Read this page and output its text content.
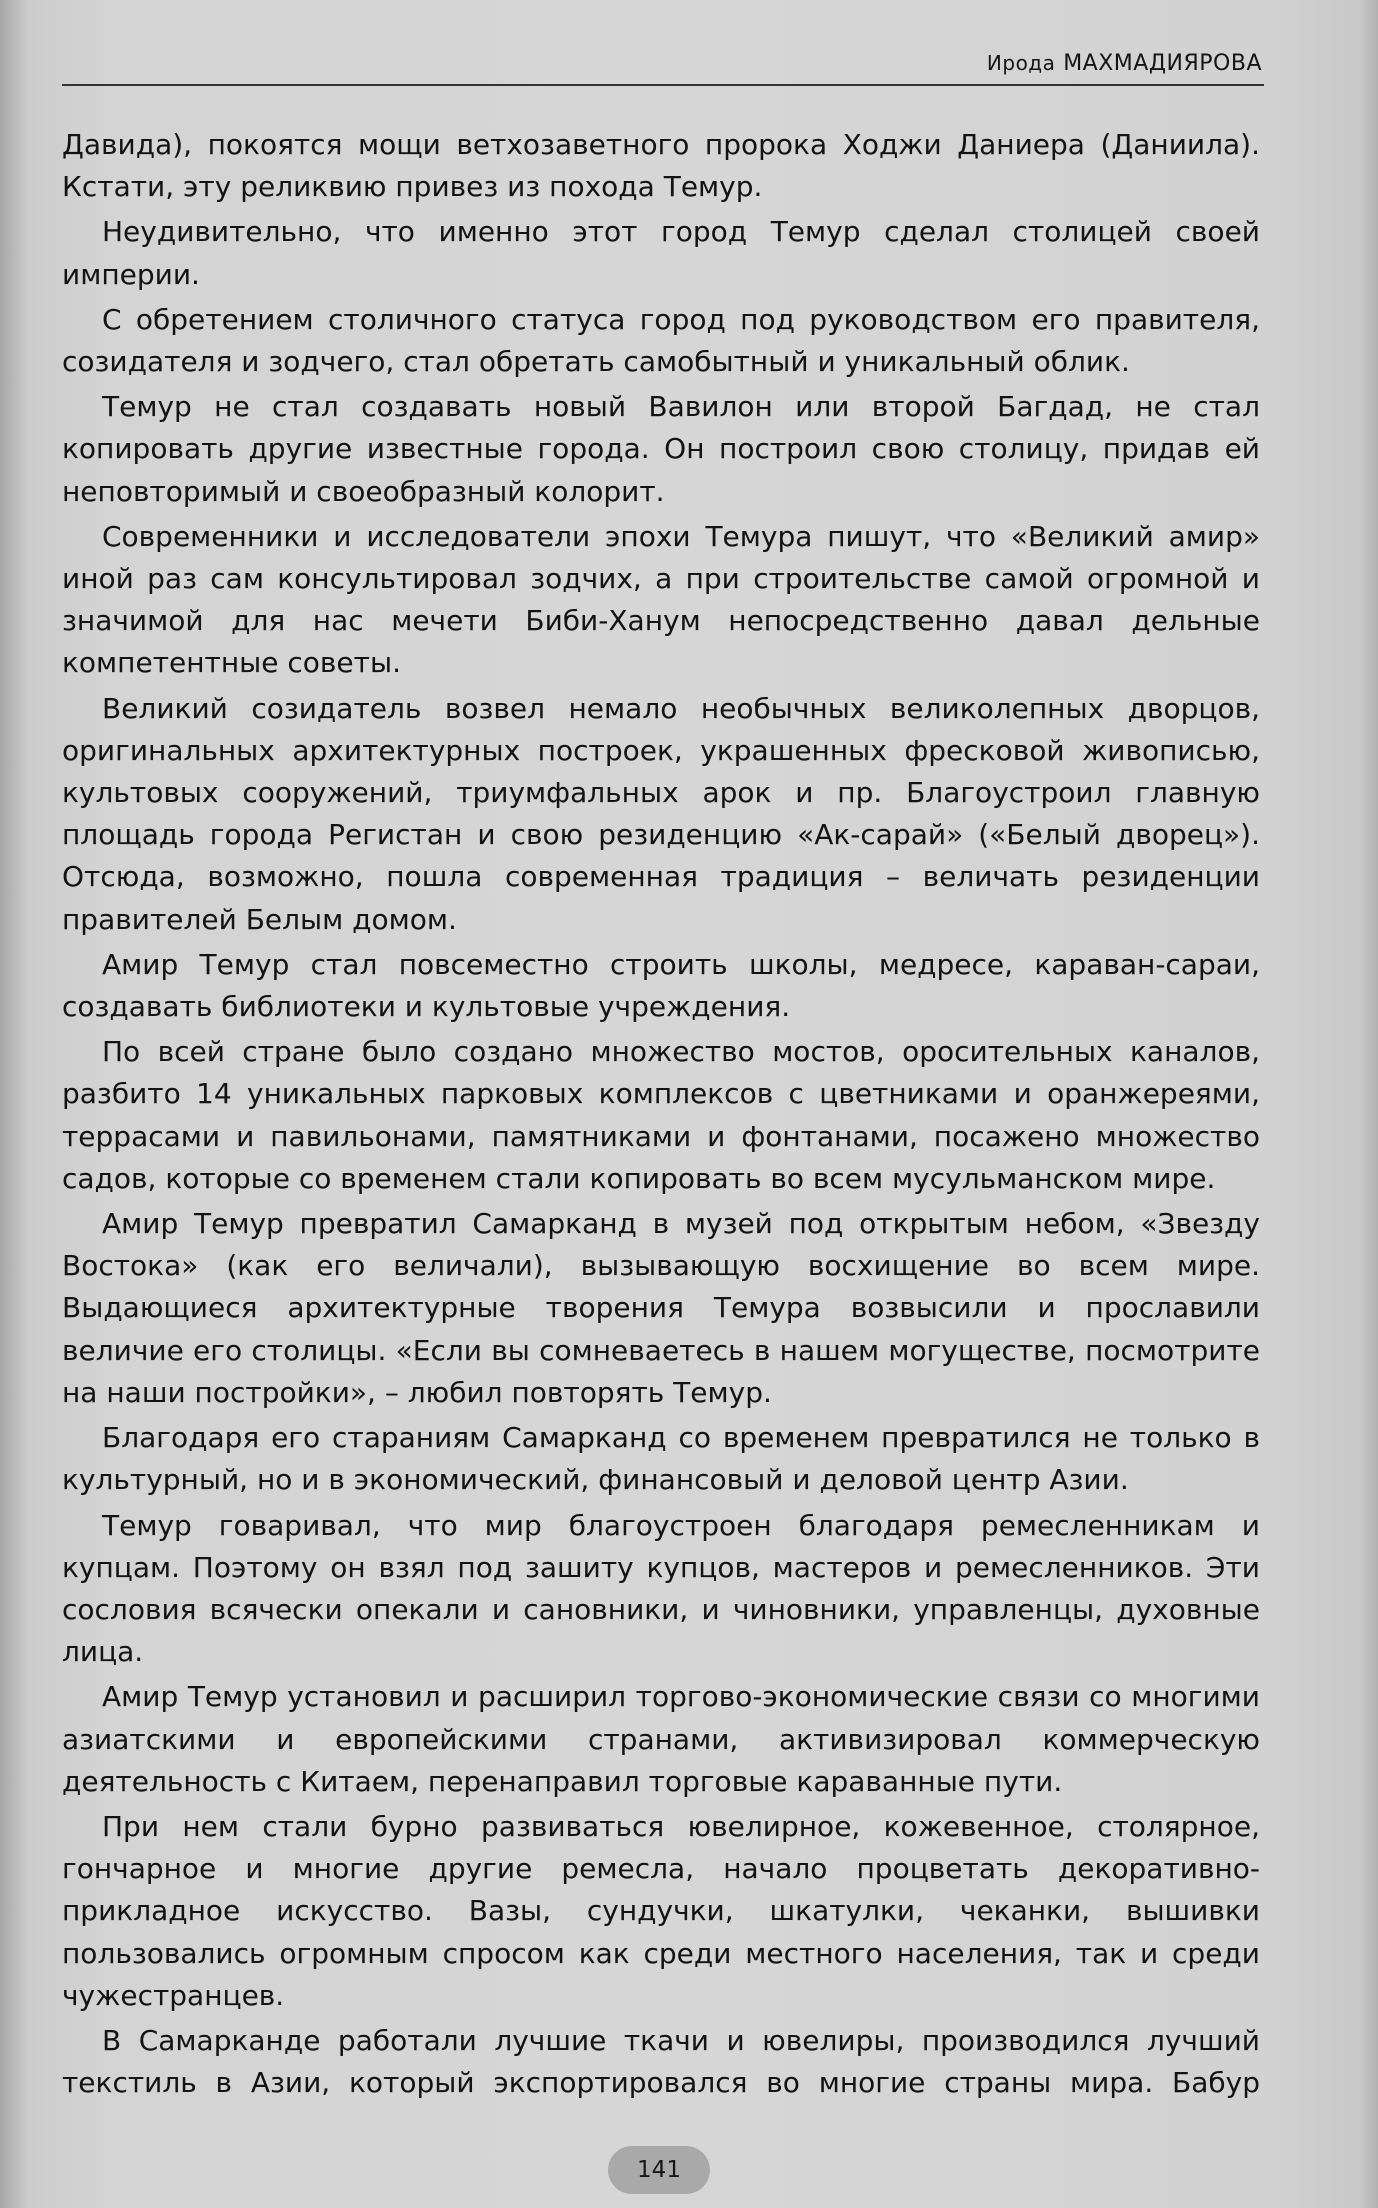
Ирода МАХМАДИЯРОВА

Давида), покоятся мощи ветхозаветного пророка Ходжи Даниера (Даниила). Кстати, эту реликвию привез из похода Темур.

Неудивительно, что именно этот город Темур сделал столицей своей империи.

С обретением столичного статуса город под руководством его правителя, созидателя и зодчего, стал обретать самобытный и уникальный облик.

Темур не стал создавать новый Вавилон или второй Багдад, не стал копировать другие известные города. Он построил свою столицу, придав ей неповторимый и своеобразный колорит.

Современники и исследователи эпохи Темура пишут, что «Великий амир» иной раз сам консультировал зодчих, а при строительстве самой огромной и значимой для нас мечети Биби-Ханум непосредственно давал дельные компетентные советы.

Великий созидатель возвел немало необычных великолепных дворцов, оригинальных архитектурных построек, украшенных фресковой живописью, культовых сооружений, триумфальных арок и пр. Благоустроил главную площадь города Регистан и свою резиденцию «Ак-сарай» («Белый дворец»). Отсюда, возможно, пошла современная традиция – величать резиденции правителей Белым домом.

Амир Темур стал повсеместно строить школы, медресе, караван-сараи, создавать библиотеки и культовые учреждения.

По всей стране было создано множество мостов, оросительных каналов, разбито 14 уникальных парковых комплексов с цветниками и оранжереями, террасами и павильонами, памятниками и фонтанами, посажено множество садов, которые со временем стали копировать во всем мусульманском мире.

Амир Темур превратил Самарканд в музей под открытым небом, «Звезду Востока» (как его величали), вызывающую восхищение во всем мире. Выдающиеся архитектурные творения Темура возвысили и прославили величие его столицы. «Если вы сомневаетесь в нашем могуществе, посмотрите на наши постройки», – любил повторять Темур.

Благодаря его стараниям Самарканд со временем превратился не только в культурный, но и в экономический, финансовый и деловой центр Азии.

Темур говаривал, что мир благоустроен благодаря ремесленникам и купцам. Поэтому он взял под зашиту купцов, мастеров и ремесленников. Эти сословия всячески опекали и сановники, и чиновники, управленцы, духовные лица.

Амир Темур установил и расширил торгово-экономические связи со многими азиатскими и европейскими странами, активизировал коммерческую деятельность с Китаем, перенаправил торговые караванные пути.

При нем стали бурно развиваться ювелирное, кожевенное, столярное, гончарное и многие другие ремесла, начало процветать декоративно-прикладное искусство. Вазы, сундучки, шкатулки, чеканки, вышивки пользовались огромным спросом как среди местного населения, так и среди чужестранцев.

В Самарканде работали лучшие ткачи и ювелиры, производился лучший текстиль в Азии, который экспортировался во многие страны мира. Бабур

141
